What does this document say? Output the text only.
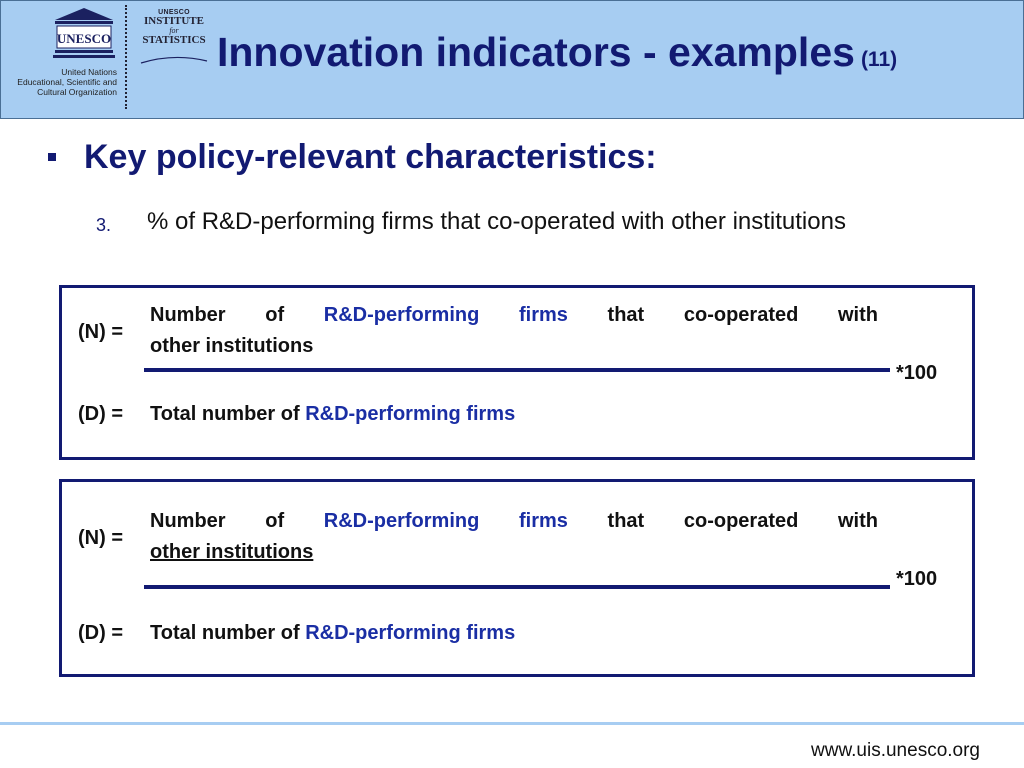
UNESCO
United Nations
Educational, Scientific and
Cultural Organization
UNESCO
INSTITUTE
for
STATISTICS Innovation indicators - examples (11)
Key policy-relevant characteristics:
3. % of R&D-performing firms that co-operated with other institutions
(N) =
Number of R&D-performing firms that co-operated with
other institutions
*100
(D) = Total number of R&D-performing firms
(N) =
Number of R&D-performing firms that co-operated with
other institutions
*100
(D) = Total number of R&D-performing firms
www.uis.unesco.org
